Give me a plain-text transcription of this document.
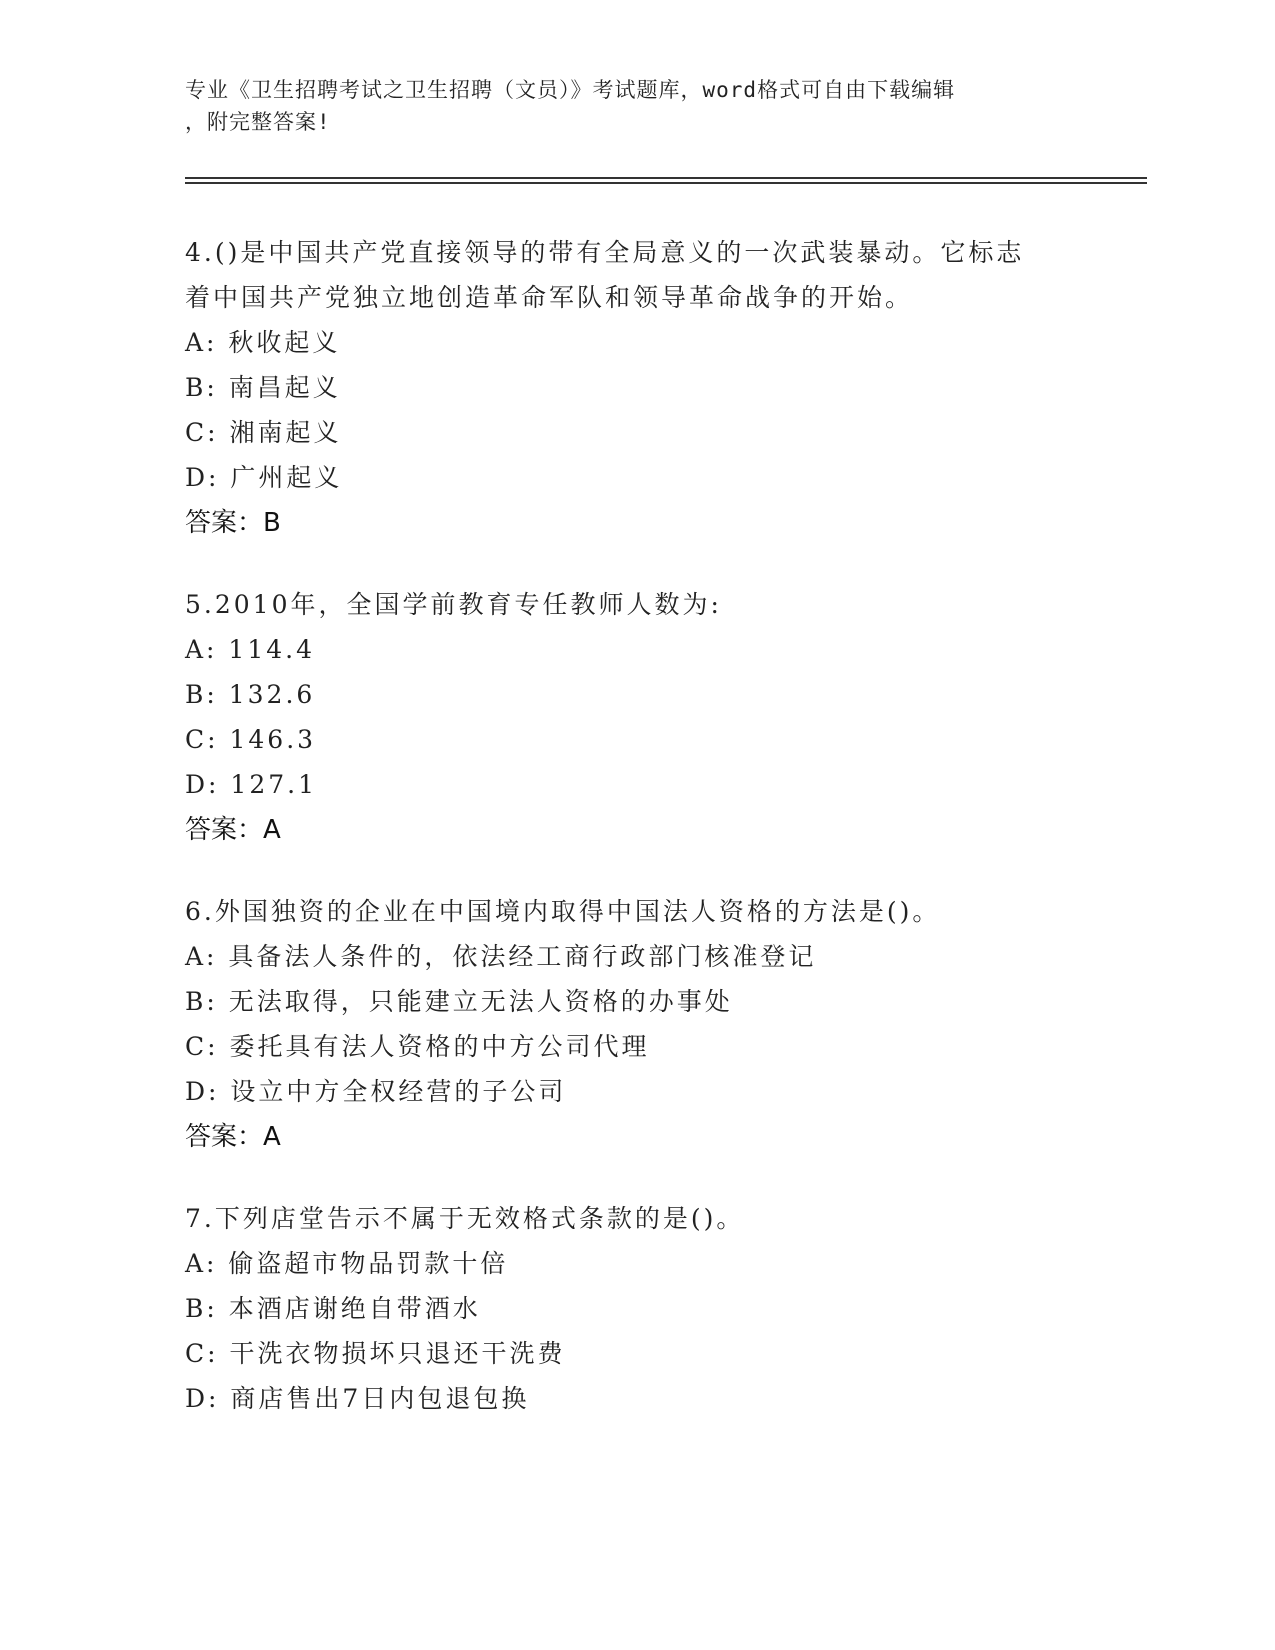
专业《卫生招聘考试之卫生招聘（文员）》考试题库，word格式可自由下载编辑
，附完整答案!

4.()是中国共产党直接领导的带有全局意义的一次武装暴动。它标志

着中国共产党独立地创造革命军队和领导革命战争的开始。

A: 秋收起义

B: 南昌起义

C: 湘南起义

D: 广州起义

答案：B

5.2010年，全国学前教育专任教师人数为:

A: 114.4

B: 132.6

C: 146.3

D: 127.1

答案：A

6.外国独资的企业在中国境内取得中国法人资格的方法是()。

A: 具备法人条件的，依法经工商行政部门核准登记

B: 无法取得，只能建立无法人资格的办事处

C: 委托具有法人资格的中方公司代理

D: 设立中方全权经营的子公司

答案：A

7.下列店堂告示不属于无效格式条款的是()。

A: 偷盗超市物品罚款十倍

B: 本酒店谢绝自带酒水

C: 干洗衣物损坏只退还干洗费

D: 商店售出7日内包退包换
